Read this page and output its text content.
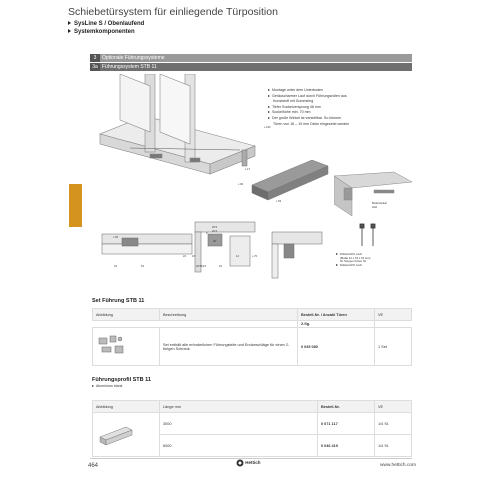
Schiebetürsystem für einliegende Türposition
SysLine S / Obenlaufend
Systemkomponenten
3 Optionale Führungssysteme
3a Führungssystem STB 11
Montage unter dem Unterboden
Geräuscharmer Lauf durch Führungsrollen aus
Kunststoff mit Gummiring
Tiefer Sockelversprung 46 mm
Sockelhöhe min. 70 mm
Der große Winkel ist verstellbar. So können
Türen von 16 – 19 mm Dicke eingesetzt werden
≥ 100
≥ 17
≥ 90
≥ 53
Bodenwinkel
Holz
≥ 65
32	54
25.5
20.5
46
16
19.5	19
12	≥ 70
9
20.5
24
Dübelschrift, Holz
(Maße 12 x 43 x 15 mm)
für Stopper hinten für
Dübelschrift, Holz
Set Führung STB 11
Abbildung	Beschreibung	Bestell-Nr. / Anzahl Türen	VE
		2-flg.	
	Set enthält alle erforderlichen Führungsteile und Endanschläge für einen 2-türigen Schrank	0 045 080	1 Set
Führungsprofil STB 11
Aluminium blank
Abbildung	Länge mm	Bestell-Nr.	VE
	3000	0 071 117	1/4 St.
	6000	0 046 419	1/4 St.
464
Hettich
www.hettich.com
